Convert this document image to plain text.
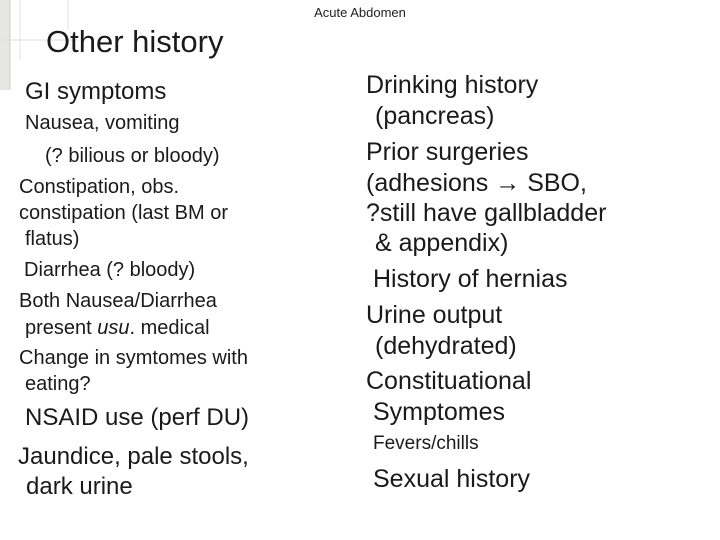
Acute Abdomen
Other history
GI symptoms
Nausea, vomiting
(? bilious or bloody)
Constipation, obs.
constipation (last BM or
flatus)
Diarrhea (? bloody)
Both Nausea/Diarrhea
present usu. medical
Change in symtomes with
eating?
NSAID use (perf DU)
Jaundice, pale stools,
dark urine
Drinking history
(pancreas)
Prior surgeries
(adhesions → SBO,
?still have gallbladder
& appendix)
History of hernias
Urine output
(dehydrated)
Constituational
Symptomes
Fevers/chills
Sexual history
